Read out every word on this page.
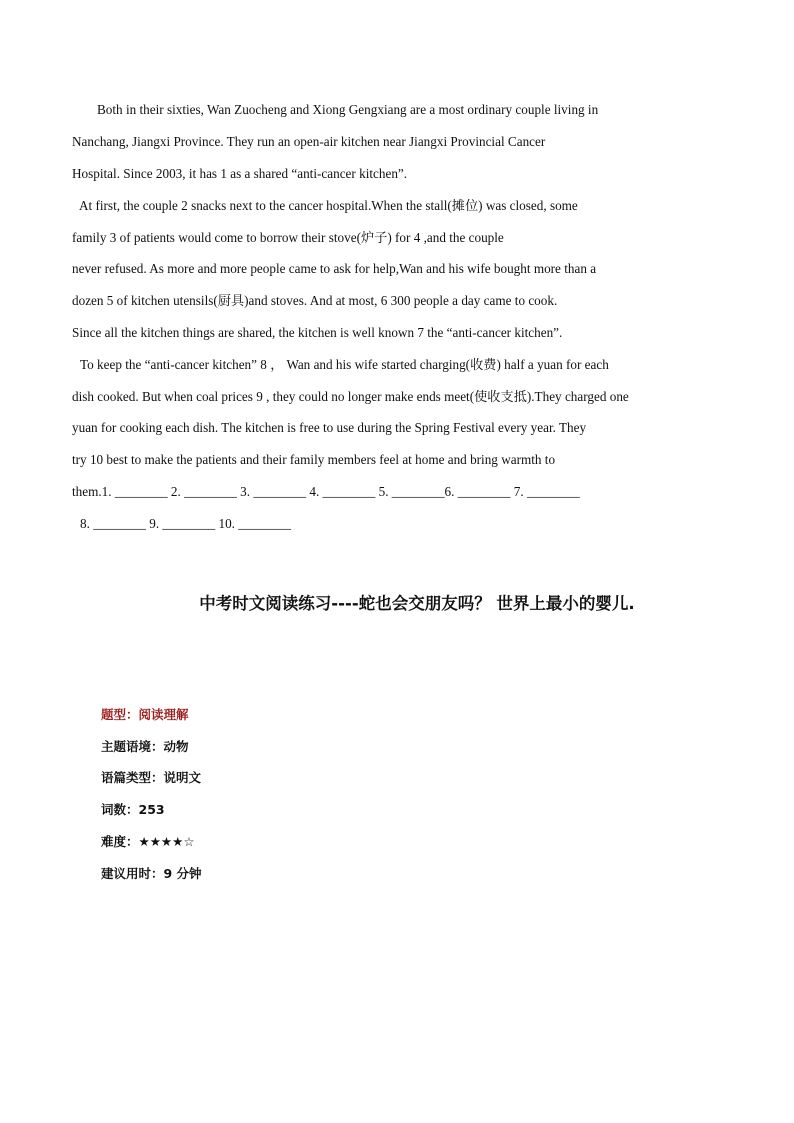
Both in their sixties, Wan Zuocheng and Xiong Gengxiang are a most ordinary couple living in
Nanchang, Jiangxi Province. They run an open-air kitchen near Jiangxi Provincial Cancer
Hospital. Since 2003, it has 1 as a shared “anti-cancer kitchen”.
At first, the couple 2 snacks next to the cancer hospital.When the stall(摊位) was closed, some
family 3 of patients would come to borrow their stove(炉子) for 4 ,and the couple
never refused. As more and more people came to ask for help,Wan and his wife bought more than a
dozen 5 of kitchen utensils(厨具)and stoves. And at most, 6 300 people a day came to cook.
Since all the kitchen things are shared, the kitchen is well known 7 the “anti-cancer kitchen”.
To keep the “anti-cancer kitchen” 8 ， Wan and his wife started charging(收费) half a yuan for each
dish cooked. But when coal prices 9 , they could no longer make ends meet(使收支抵).They charged one
yuan for cooking each dish. The kitchen is free to use during the Spring Festival every year. They
try 10 best to make the patients and their family members feel at home and bring warmth to
them.1. ________ 2. ________ 3. ________ 4. ________ 5. ________6. ________ 7. ________
8. ________ 9. ________ 10. ________
中考时文阅读练习----蛇也会交朋友吗？ 世界上最小的婴儿.
题型：阅读理解
主题语境：动物
语篇类型：说明文
词数：253
难度：★★★★☆
建议用时：9 分钟
